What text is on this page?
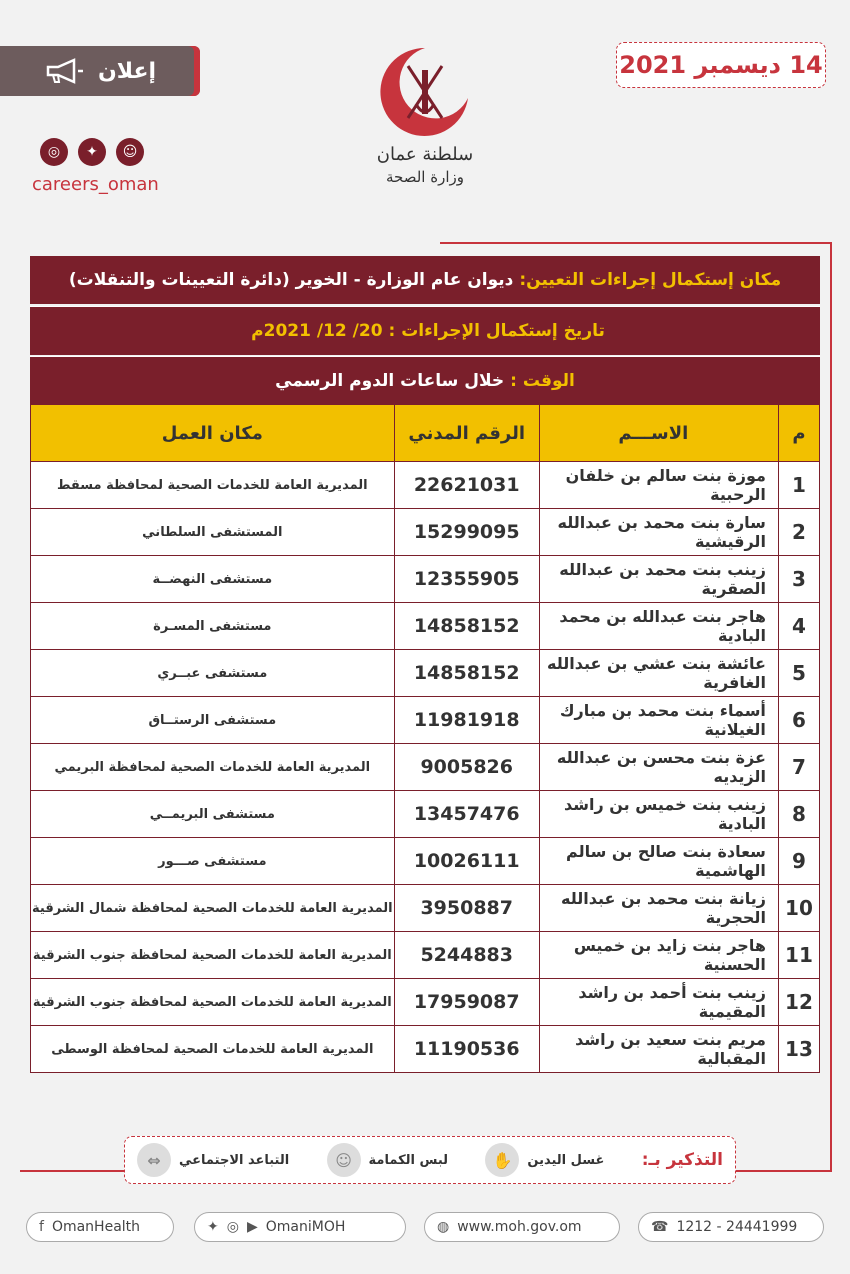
إعلان	14 ديسمبر 2021
◎	✦	☺
careers_oman
سلطنة عمان
وزارة الصحة
مكان إستكمال إجراءات التعيين:
ديوان عام الوزارة - الخوير (دائرة التعيينات والتنقلات)
تاريخ إستكمال الإجراءات : 20/ 12/ 2021م
الوقت :
خلال ساعات الدوم الرسمي
م	الاســـم	الرقم المدني	مكان العمل
1	موزة بنت سالم بن خلفان الرحبية	22621031	المديرية العامة للخدمات الصحية لمحافظة مسقط
2	سارة بنت محمد بن عبدالله الرقيشية	15299095	المستشفى السلطاني
3	زينب بنت محمد بن عبدالله الصقرية	12355905	مستشفى النهضــة
4	هاجر بنت عبدالله بن محمد البادية	14858152	مستشفى المسـرة
5	عائشة بنت عشي بن عبدالله الغافرية	14858152	مستشفى عبــري
6	أسماء بنت محمد بن مبارك الغيلانية	11981918	مستشفى الرستــاق
7	عزة بنت محسن بن عبدالله الزيديه	9005826	المديرية العامة للخدمات الصحية لمحافظة البريمي
8	زينب بنت خميس بن راشد البادية	13457476	مستشفى البريمــي
9	سعادة بنت صالح بن سالم الهاشمية	10026111	مستشفى صـــور
10	زيانة بنت محمد بن عبدالله الحجرية	3950887	المديرية العامة للخدمات الصحية لمحافظة شمال الشرقية
11	هاجر بنت زايد بن خميس الحسنية	5244883	المديرية العامة للخدمات الصحية لمحافظة جنوب الشرقية
12	زينب بنت أحمد بن راشد المقيمية	17959087	المديرية العامة للخدمات الصحية لمحافظة جنوب الشرقية
13	مريم بنت سعيد بن راشد المقبالية	11190536	المديرية العامة للخدمات الصحية لمحافظة الوسطى
التذكير بـ:
غسل اليدين
✋
لبس الكمامة
☺
التباعد الاجتماعي
⇔
f OmanHealth	✦ ◎ ▶ OmaniMOH	◍ www.moh.gov.om	☎ 1212 - 24441999
